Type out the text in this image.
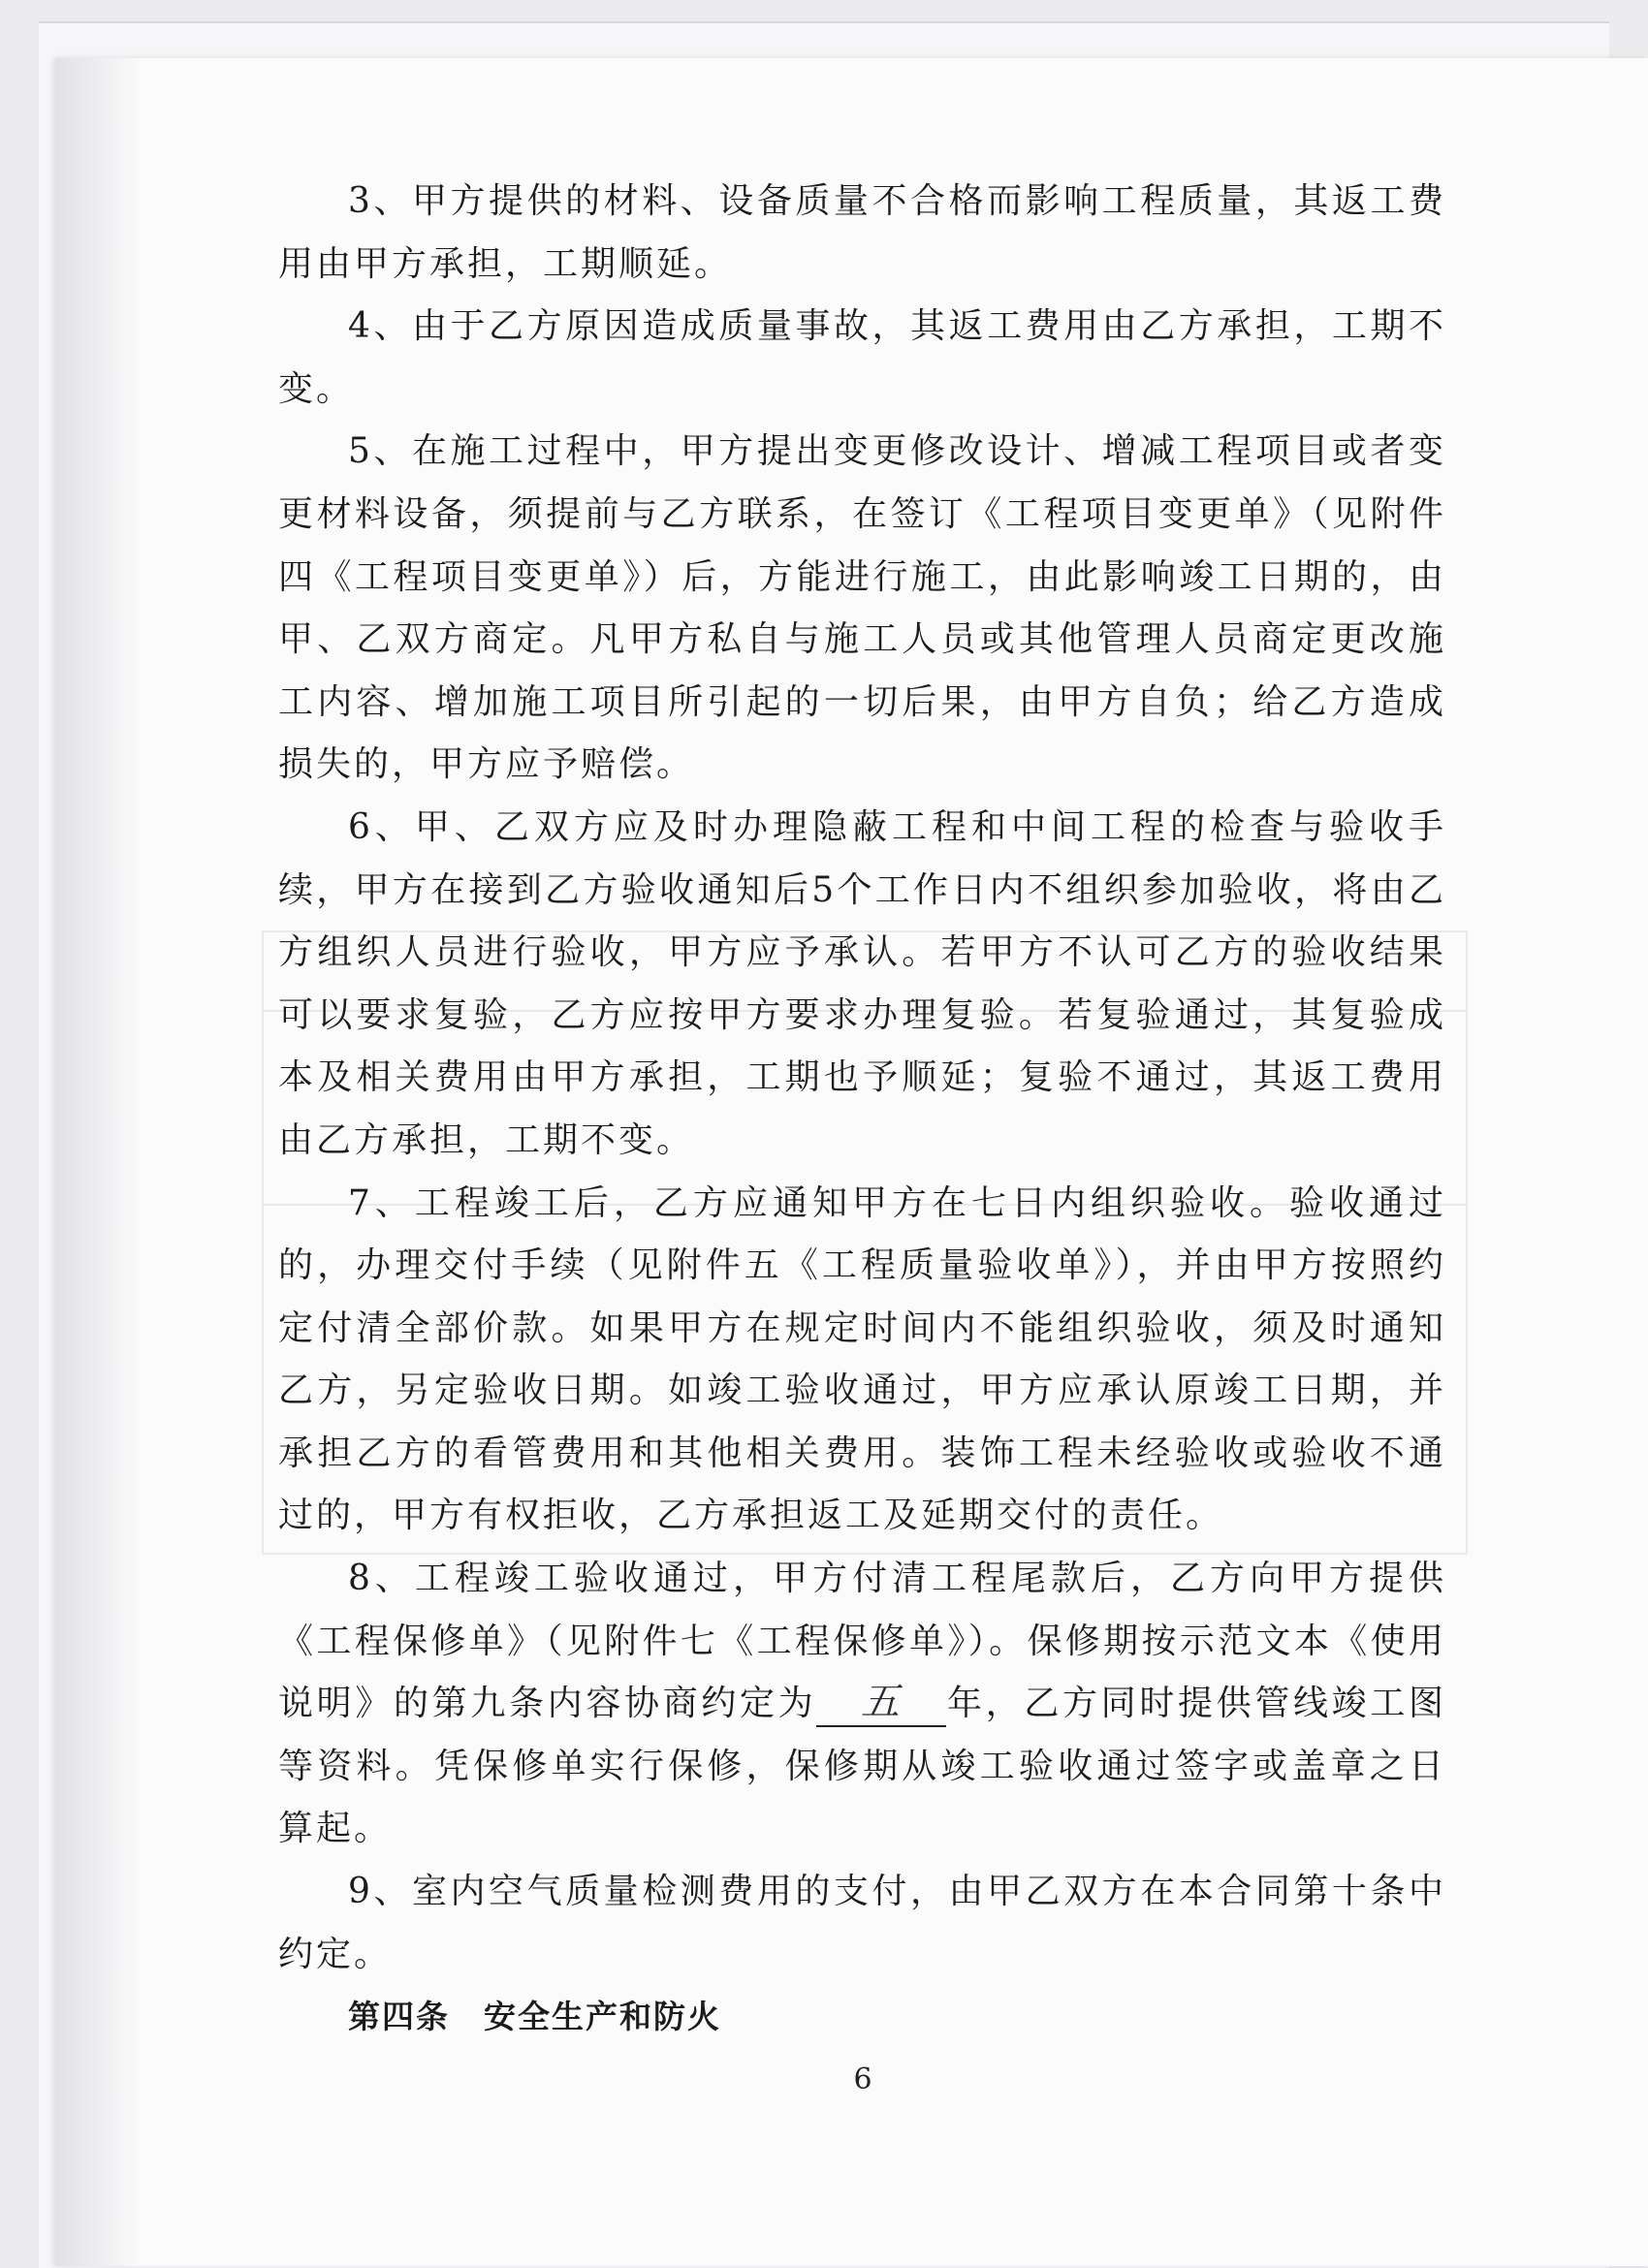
3、甲方提供的材料、设备质量不合格而影响工程质量，其返工费用由甲方承担，工期顺延。

4、由于乙方原因造成质量事故，其返工费用由乙方承担，工期不变。

5、在施工过程中，甲方提出变更修改设计、增减工程项目或者变更材料设备，须提前与乙方联系，在签订《工程项目变更单》（见附件四《工程项目变更单》）后，方能进行施工，由此影响竣工日期的，由甲、乙双方商定。凡甲方私自与施工人员或其他管理人员商定更改施工内容、增加施工项目所引起的一切后果，由甲方自负；给乙方造成损失的，甲方应予赔偿。

6、甲、乙双方应及时办理隐蔽工程和中间工程的检查与验收手续，甲方在接到乙方验收通知后5个工作日内不组织参加验收，将由乙方组织人员进行验收，甲方应予承认。若甲方不认可乙方的验收结果可以要求复验，乙方应按甲方要求办理复验。若复验通过，其复验成本及相关费用由甲方承担，工期也予顺延；复验不通过，其返工费用由乙方承担，工期不变。

7、工程竣工后，乙方应通知甲方在七日内组织验收。验收通过的，办理交付手续（见附件五《工程质量验收单》），并由甲方按照约定付清全部价款。如果甲方在规定时间内不能组织验收，须及时通知乙方，另定验收日期。如竣工验收通过，甲方应承认原竣工日期，并承担乙方的看管费用和其他相关费用。装饰工程未经验收或验收不通过的，甲方有权拒收，乙方承担返工及延期交付的责任。

8、工程竣工验收通过，甲方付清工程尾款后，乙方向甲方提供《工程保修单》（见附件七《工程保修单》）。保修期按示范文本《使用说明》的第九条内容协商约定为 五 年，乙方同时提供管线竣工图等资料。凭保修单实行保修，保修期从竣工验收通过签字或盖章之日算起。

9、室内空气质量检测费用的支付，由甲乙双方在本合同第十条中约定。

第四条　安全生产和防火

6
